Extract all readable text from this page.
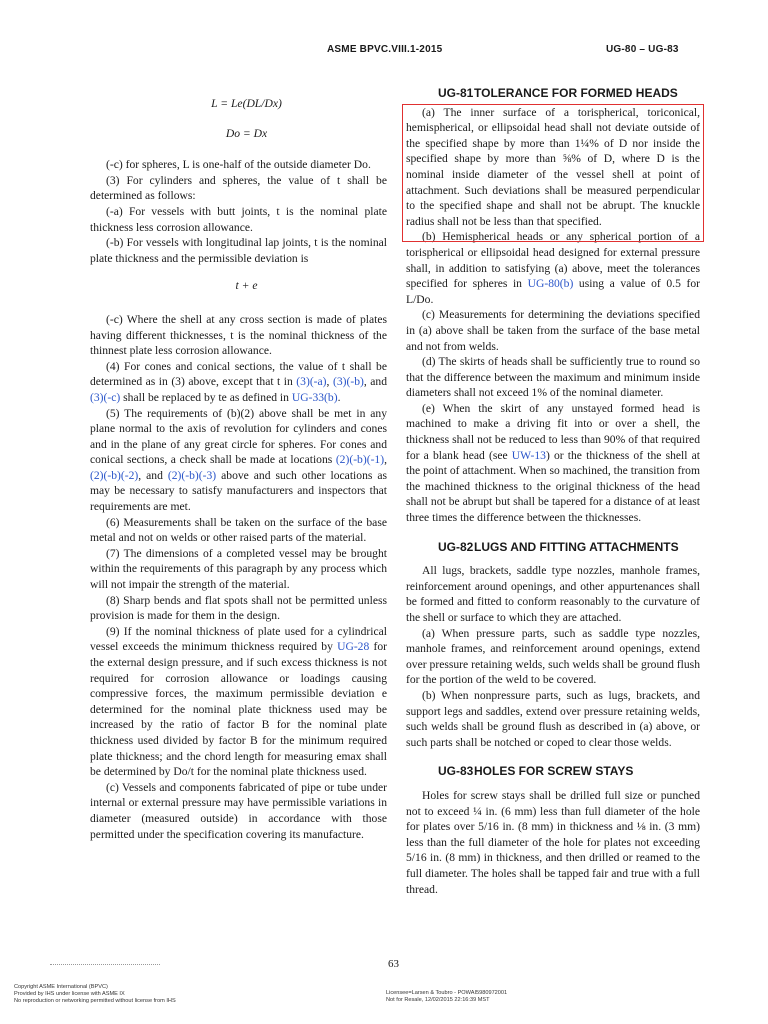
ASME BPVC.VIII.1-2015	UG-80 – UG-83

L = Le(DL/Dx)

Do = Dx

(-c) for spheres, L is one-half of the outside diameter Do.

(3) For cylinders and spheres, the value of t shall be determined as follows:

(-a) For vessels with butt joints, t is the nominal plate thickness less corrosion allowance.

(-b) For vessels with longitudinal lap joints, t is the nominal plate thickness and the permissible deviation is

t + e

(-c) Where the shell at any cross section is made of plates having different thicknesses, t is the nominal thickness of the thinnest plate less corrosion allowance.

(4) For cones and conical sections, the value of t shall be determined as in (3) above, except that t in (3)(-a), (3)(-b), and (3)(-c) shall be replaced by te as defined in UG-33(b).

(5) The requirements of (b)(2) above shall be met in any plane normal to the axis of revolution for cylinders and cones and in the plane of any great circle for spheres. For cones and conical sections, a check shall be made at locations (2)(-b)(-1), (2)(-b)(-2), and (2)(-b)(-3) above and such other locations as may be necessary to satisfy manufacturers and inspectors that requirements are met.

(6) Measurements shall be taken on the surface of the base metal and not on welds or other raised parts of the material.

(7) The dimensions of a completed vessel may be brought within the requirements of this paragraph by any process which will not impair the strength of the material.

(8) Sharp bends and flat spots shall not be permitted unless provision is made for them in the design.

(9) If the nominal thickness of plate used for a cylindrical vessel exceeds the minimum thickness required by UG-28 for the external design pressure, and if such excess thickness is not required for corrosion allowance or loadings causing compressive forces, the maximum permissible deviation e determined for the nominal plate thickness used may be increased by the ratio of factor B for the nominal plate thickness used divided by factor B for the minimum required plate thickness; and the chord length for measuring emax shall be determined by Do/t for the nominal plate thickness used.

(c) Vessels and components fabricated of pipe or tube under internal or external pressure may have permissible variations in diameter (measured outside) in accordance with those permitted under the specification covering its manufacture.

UG-81TOLERANCE FOR FORMED HEADS

(a) The inner surface of a torispherical, toriconical, hemispherical, or ellipsoidal head shall not deviate outside of the specified shape by more than 1¼% of D nor inside the specified shape by more than ⅝% of D, where D is the nominal inside diameter of the vessel shell at point of attachment. Such deviations shall be measured perpendicular to the specified shape and shall not be abrupt. The knuckle radius shall not be less than that specified.

(b) Hemispherical heads or any spherical portion of a torispherical or ellipsoidal head designed for external pressure shall, in addition to satisfying (a) above, meet the tolerances specified for spheres in UG-80(b) using a value of 0.5 for L/Do.

(c) Measurements for determining the deviations specified in (a) above shall be taken from the surface of the base metal and not from welds.

(d) The skirts of heads shall be sufficiently true to round so that the difference between the maximum and minimum inside diameters shall not exceed 1% of the nominal diameter.

(e) When the skirt of any unstayed formed head is machined to make a driving fit into or over a shell, the thickness shall not be reduced to less than 90% of that required for a blank head (see UW-13) or the thickness of the shell at the point of attachment. When so machined, the transition from the machined thickness to the original thickness of the head shall not be abrupt but shall be tapered for a distance of at least three times the difference between the thicknesses.

UG-82LUGS AND FITTING ATTACHMENTS

All lugs, brackets, saddle type nozzles, manhole frames, reinforcement around openings, and other appurtenances shall be formed and fitted to conform reasonably to the curvature of the shell or surface to which they are attached.

(a) When pressure parts, such as saddle type nozzles, manhole frames, and reinforcement around openings, extend over pressure retaining welds, such welds shall be ground flush for the portion of the weld to be covered.

(b) When nonpressure parts, such as lugs, brackets, and support legs and saddles, extend over pressure retaining welds, such welds shall be ground flush as described in (a) above, or such parts shall be notched or coped to clear those welds.

UG-83HOLES FOR SCREW STAYS

Holes for screw stays shall be drilled full size or punched not to exceed ¼ in. (6 mm) less than full diameter of the hole for plates over 5/16 in. (8 mm) in thickness and ⅛ in. (3 mm) less than the full diameter of the hole for plates not exceeding 5/16 in. (8 mm) in thickness, and then drilled or reamed to the full diameter. The holes shall be tapped fair and true with a full thread.

63
Copyright ASME International (BPVC)
Provided by IHS under license with ASME IX
No reproduction or networking permitted without license from IHS
Licensee=Larsen & Toubro - POWAI5980972001
Not for Resale, 12/02/2015 22:16:39 MST
